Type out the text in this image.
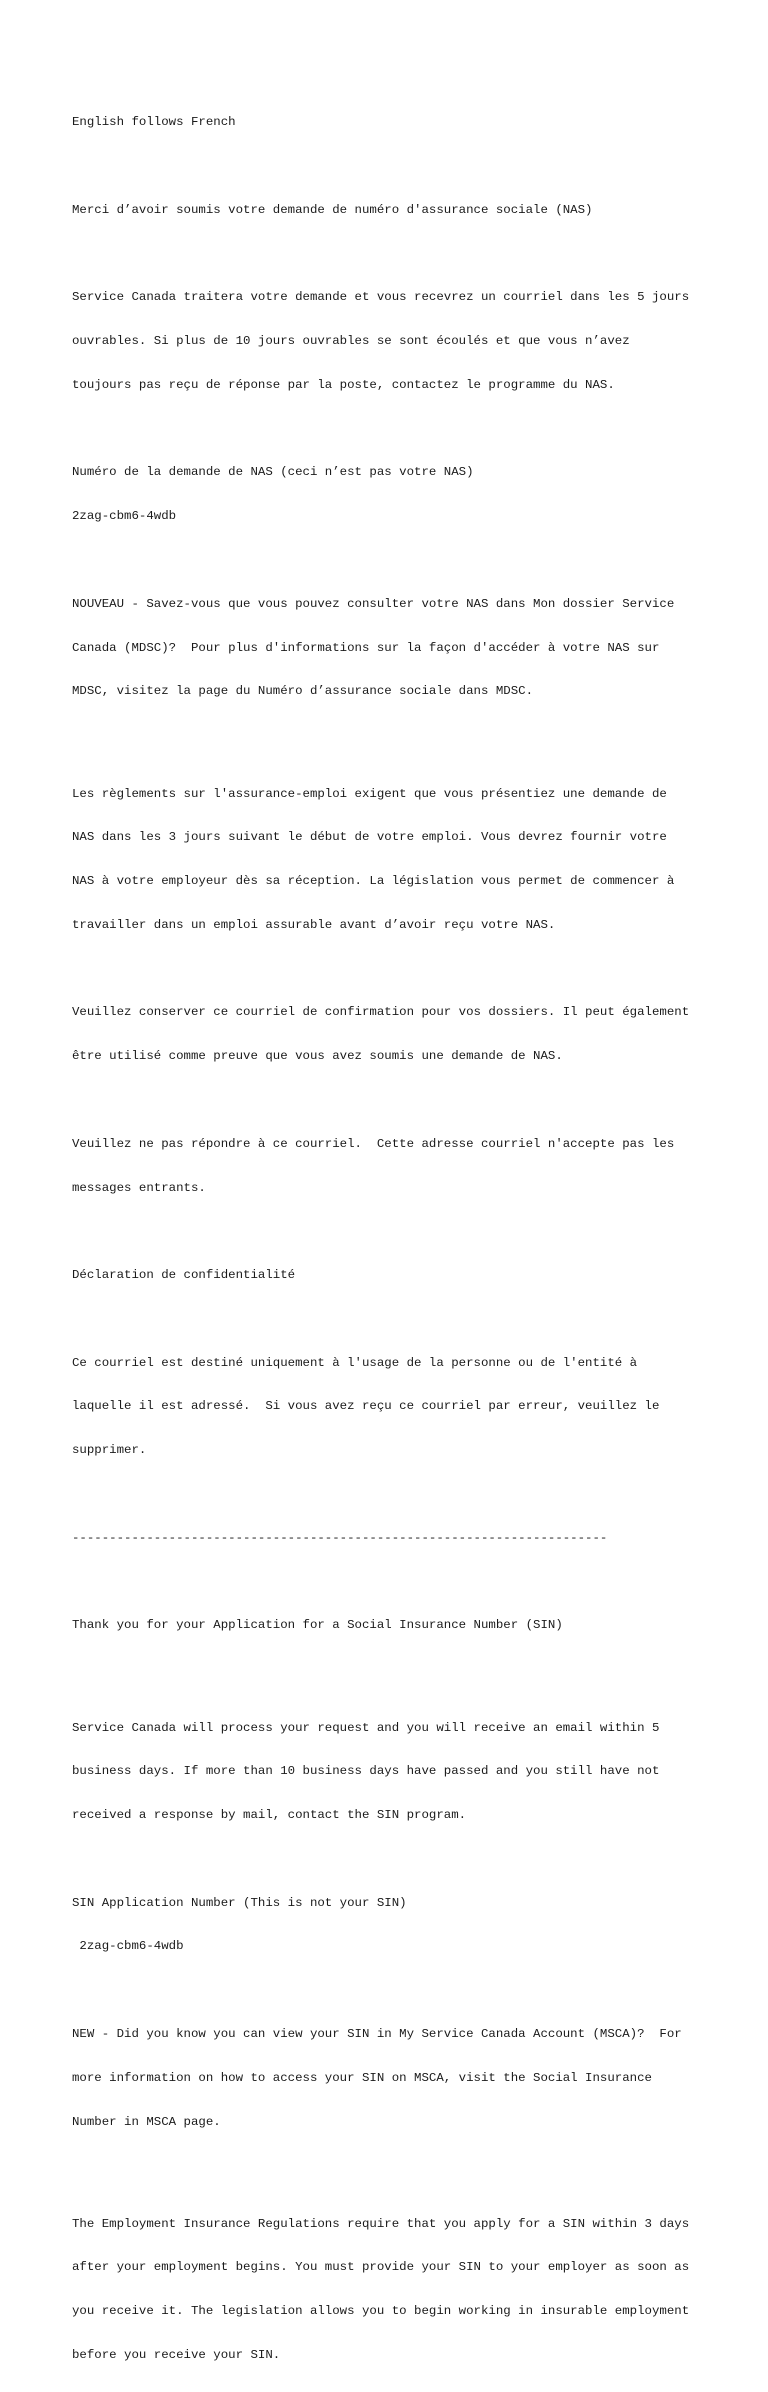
English follows French

Merci d’avoir soumis votre demande de numéro d'assurance sociale (NAS)

Service Canada traitera votre demande et vous recevrez un courriel dans les 5 jours

ouvrables. Si plus de 10 jours ouvrables se sont écoulés et que vous n’avez

toujours pas reçu de réponse par la poste, contactez le programme du NAS.

Numéro de la demande de NAS (ceci n’est pas votre NAS)

2zag-cbm6-4wdb

NOUVEAU - Savez-vous que vous pouvez consulter votre NAS dans Mon dossier Service

Canada (MDSC)?  Pour plus d'informations sur la façon d'accéder à votre NAS sur

MDSC, visitez la page du Numéro d’assurance sociale dans MDSC.

Les règlements sur l'assurance-emploi exigent que vous présentiez une demande de

NAS dans les 3 jours suivant le début de votre emploi. Vous devrez fournir votre

NAS à votre employeur dès sa réception. La législation vous permet de commencer à

travailler dans un emploi assurable avant d’avoir reçu votre NAS.

Veuillez conserver ce courriel de confirmation pour vos dossiers. Il peut également

être utilisé comme preuve que vous avez soumis une demande de NAS.

Veuillez ne pas répondre à ce courriel.  Cette adresse courriel n'accepte pas les

messages entrants.

Déclaration de confidentialité

Ce courriel est destiné uniquement à l'usage de la personne ou de l'entité à

laquelle il est adressé.  Si vous avez reçu ce courriel par erreur, veuillez le

supprimer.

------------------------------------------------------------------------

Thank you for your Application for a Social Insurance Number (SIN)

Service Canada will process your request and you will receive an email within 5

business days. If more than 10 business days have passed and you still have not

received a response by mail, contact the SIN program.

SIN Application Number (This is not your SIN)

2zag-cbm6-4wdb

NEW - Did you know you can view your SIN in My Service Canada Account (MSCA)?  For

more information on how to access your SIN on MSCA, visit the Social Insurance

Number in MSCA page.

The Employment Insurance Regulations require that you apply for a SIN within 3 days

after your employment begins. You must provide your SIN to your employer as soon as

you receive it. The legislation allows you to begin working in insurable employment

before you receive your SIN.
